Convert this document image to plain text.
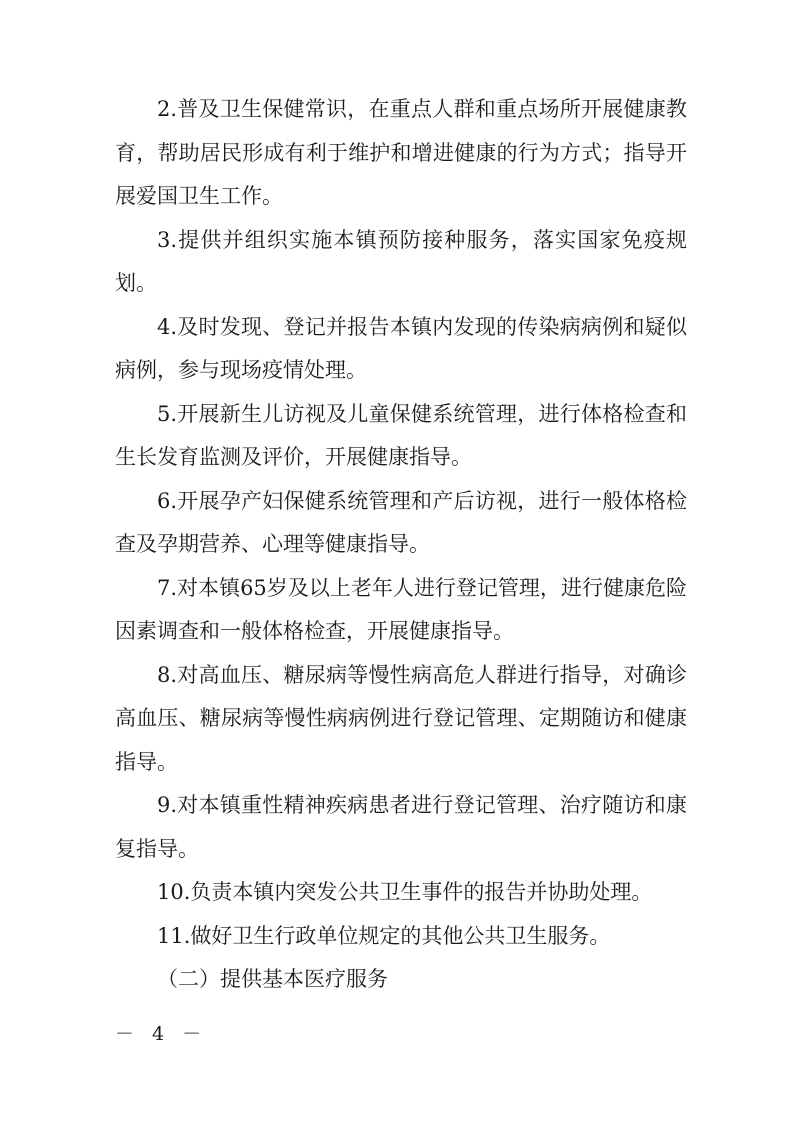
2.普及卫生保健常识，在重点人群和重点场所开展健康教育，帮助居民形成有利于维护和增进健康的行为方式；指导开展爱国卫生工作。

3.提供并组织实施本镇预防接种服务，落实国家免疫规划。

4.及时发现、登记并报告本镇内发现的传染病病例和疑似病例，参与现场疫情处理。

5.开展新生儿访视及儿童保健系统管理，进行体格检查和生长发育监测及评价，开展健康指导。

6.开展孕产妇保健系统管理和产后访视，进行一般体格检查及孕期营养、心理等健康指导。

7.对本镇65岁及以上老年人进行登记管理，进行健康危险因素调查和一般体格检查，开展健康指导。

8.对高血压、糖尿病等慢性病高危人群进行指导，对确诊高血压、糖尿病等慢性病病例进行登记管理、定期随访和健康指导。

9.对本镇重性精神疾病患者进行登记管理、治疗随访和康复指导。

10.负责本镇内突发公共卫生事件的报告并协助处理。

11.做好卫生行政单位规定的其他公共卫生服务。

（二）提供基本医疗服务

－ 4 －
